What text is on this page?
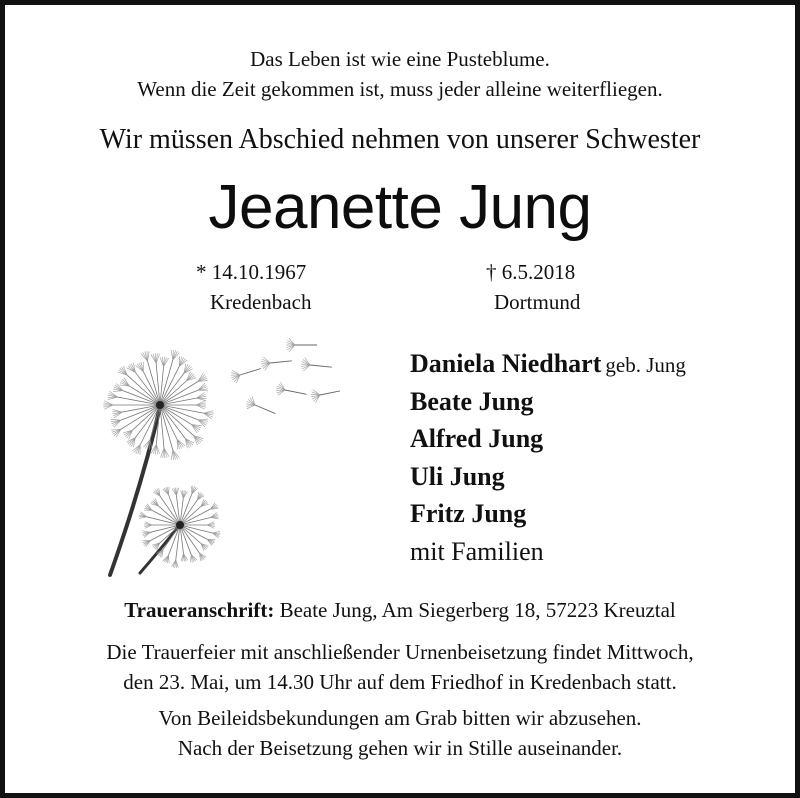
Das Leben ist wie eine Pusteblume.
Wenn die Zeit gekommen ist, muss jeder alleine weiterfliegen.
Wir müssen Abschied nehmen von unserer Schwester
Jeanette Jung
* 14.10.1967
Kredenbach
† 6.5.2018
Dortmund
Daniela Niedhart geb. Jung
Beate Jung
Alfred Jung
Uli Jung
Fritz Jung
mit Familien
Traueranschrift: Beate Jung, Am Siegerberg 18, 57223 Kreuztal
Die Trauerfeier mit anschließender Urnenbeisetzung findet Mittwoch,
den 23. Mai, um 14.30 Uhr auf dem Friedhof in Kredenbach statt.
Von Beileidsbekundungen am Grab bitten wir abzusehen.
Nach der Beisetzung gehen wir in Stille auseinander.
